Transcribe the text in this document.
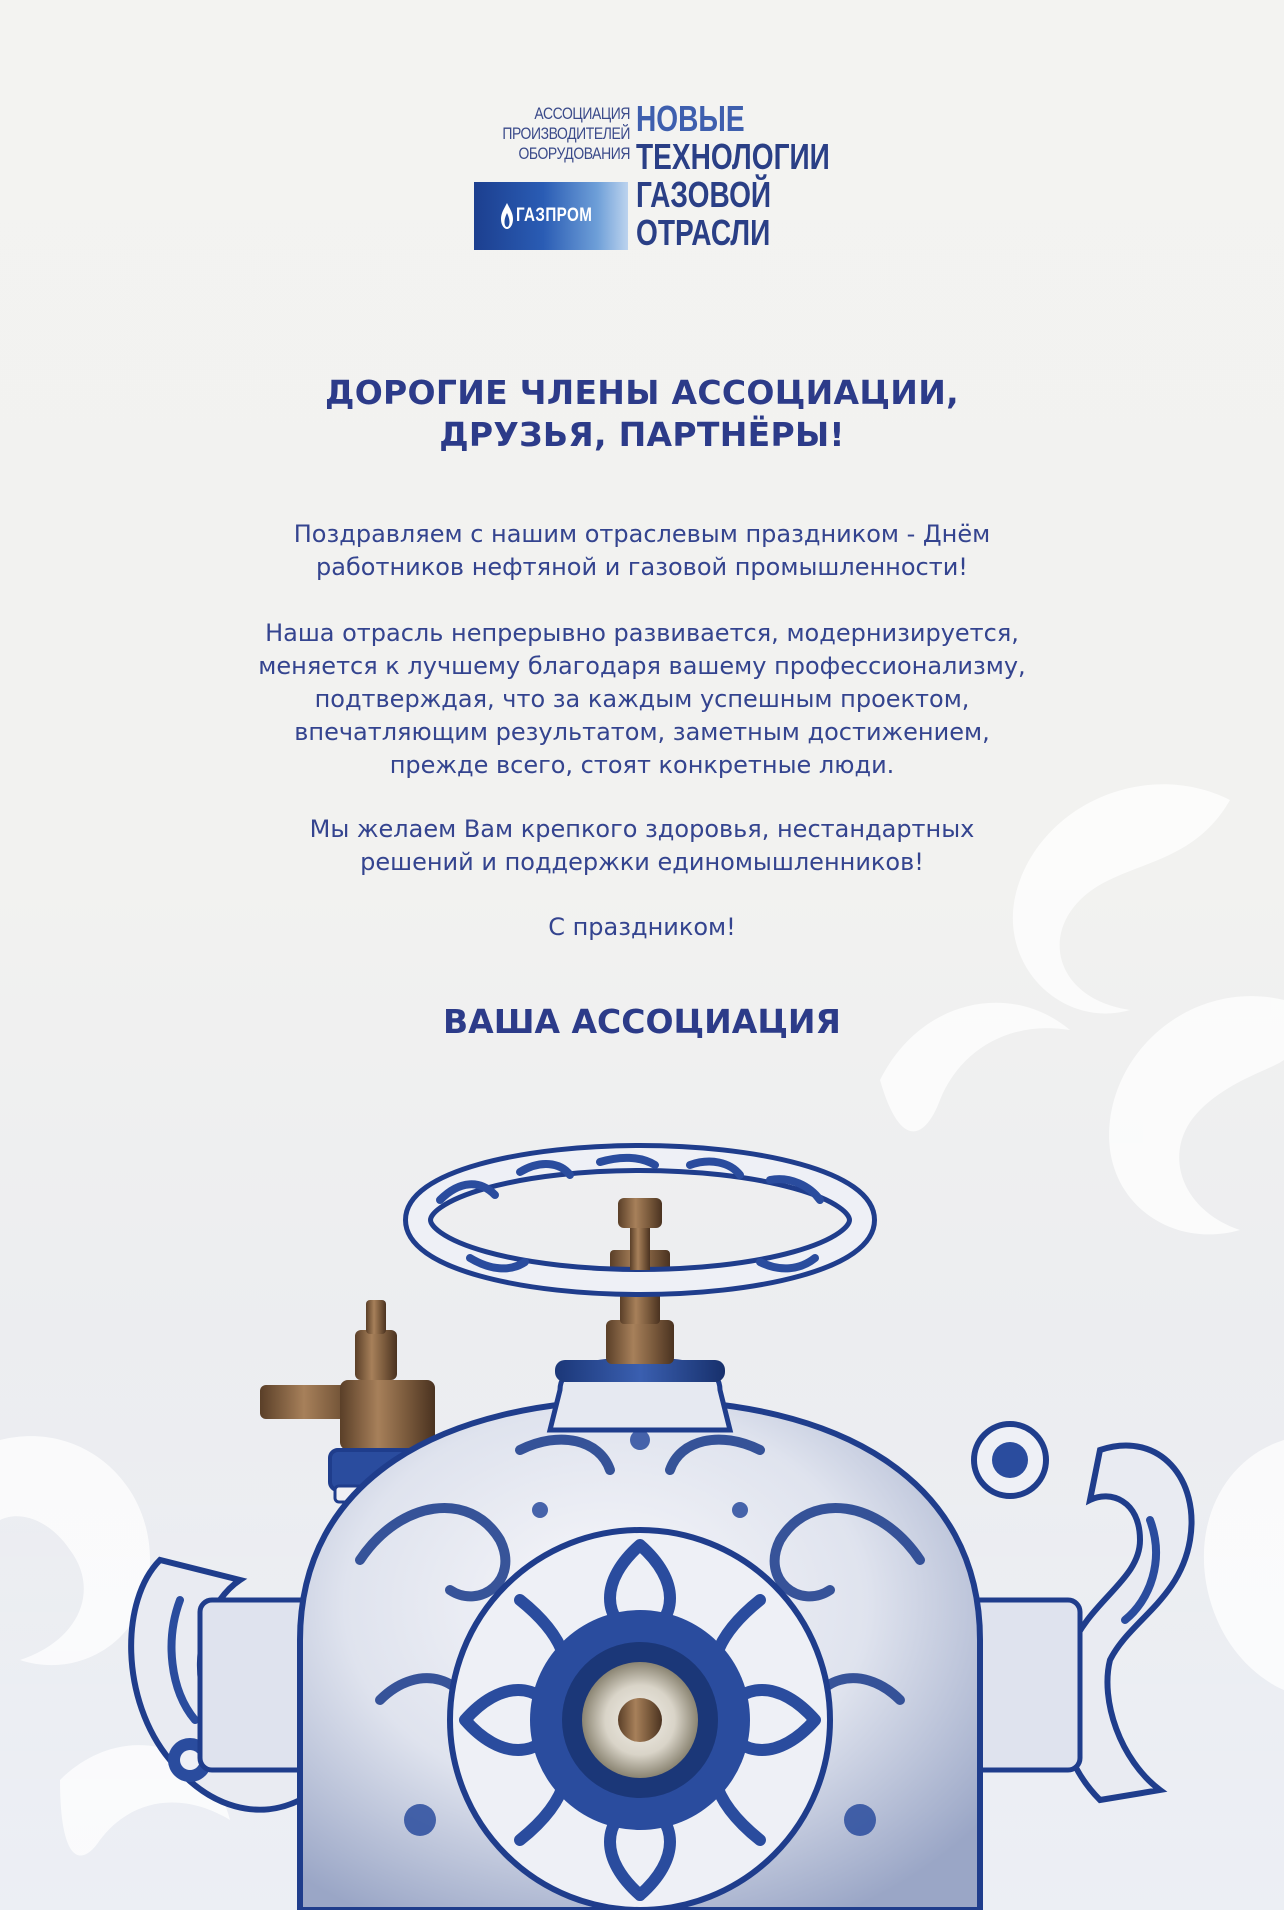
АССОЦИАЦИЯ
ПРОИЗВОДИТЕЛЕЙ
ОБОРУДОВАНИЯ
ГАЗПРОМ
НОВЫЕ
ТЕХНОЛОГИИ
ГАЗОВОЙ
ОТРАСЛИ
ДОРОГИЕ ЧЛЕНЫ АССОЦИАЦИИ,
ДРУЗЬЯ, ПАРТНЁРЫ!
Поздравляем с нашим отраслевым праздником - Днём
работников нефтяной и газовой промышленности!
Наша отрасль непрерывно развивается, модернизируется,
меняется к лучшему благодаря вашему профессионализму,
подтверждая, что за каждым успешным проектом,
впечатляющим результатом, заметным достижением,
прежде всего, стоят конкретные люди.
Мы желаем Вам крепкого здоровья, нестандартных
решений и поддержки единомышленников!
С праздником!
ВАША АССОЦИАЦИЯ
